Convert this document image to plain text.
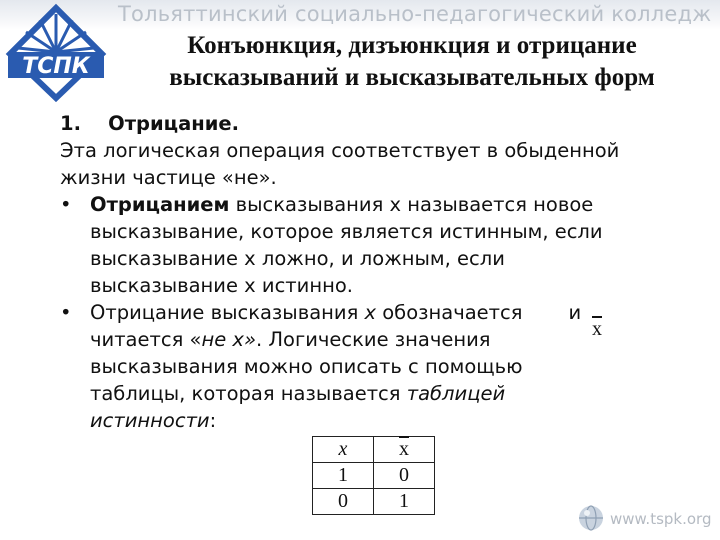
Тольяттинский социально-педагогический колледж
ТСПК
Конъюнкция, дизъюнкция и отрицание
высказываний и высказывательных форм
1. Отрицание.
Эта логическая операция соответствует в обыденной
жизни частице «не».
• Отрицанием высказывания х называется новое
высказывание, которое является истинным, если
высказывание х ложно, и ложным, если
высказывание х истинно.
• Отрицание высказывания х обозначается и
читается «не х». Логические значения
высказывания можно описать с помощью
таблицы, которая называется таблицей
истинности:
$\overline{x}$
x	$\overline{x}$
1	0
0	1
www.tspk.org
